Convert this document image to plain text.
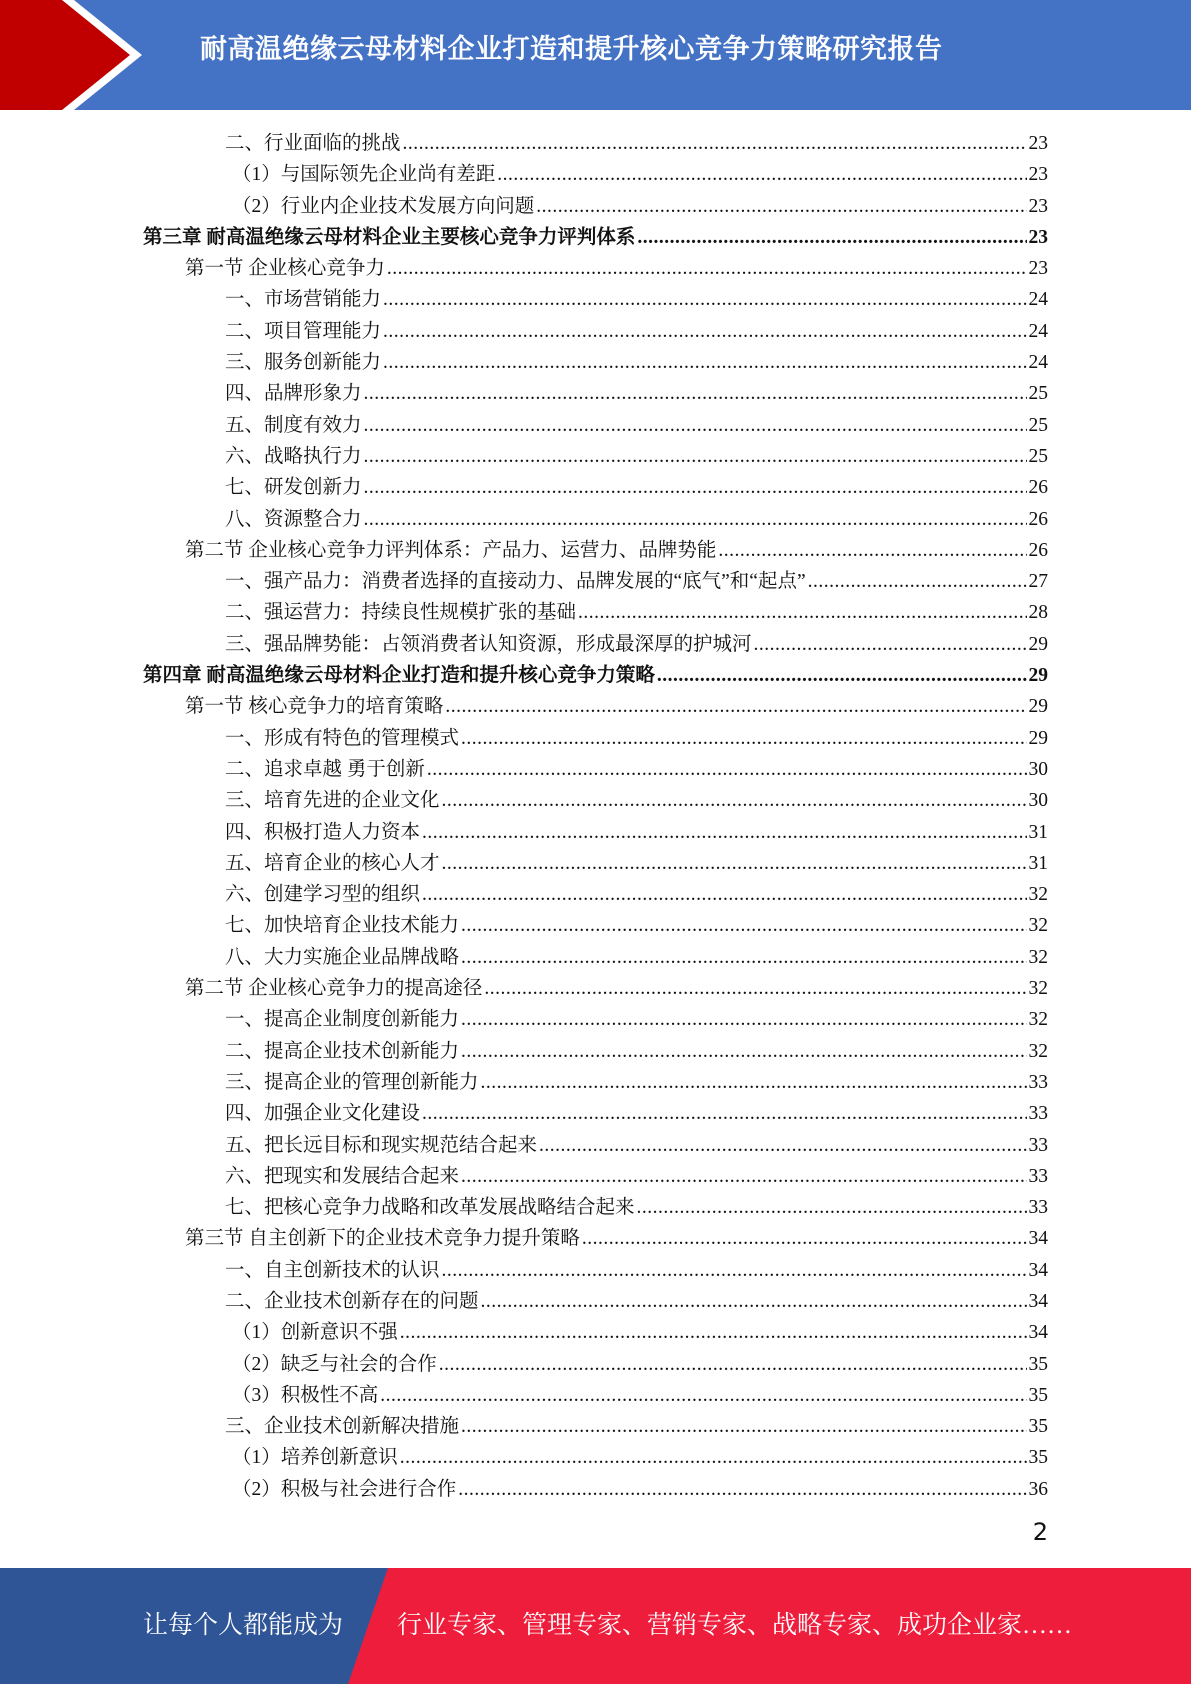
耐高温绝缘云母材料企业打造和提升核心竞争力策略研究报告
二、行业面临的挑战 .....	23
（1）与国际领先企业尚有差距 .....	23
（2）行业内企业技术发展方向问题 .....	23
第三章 耐高温绝缘云母材料企业主要核心竞争力评判体系 .....	23
第一节 企业核心竞争力 .....	23
一、市场营销能力 .....	24
二、项目管理能力 .....	24
三、服务创新能力 .....	24
四、品牌形象力 .....	25
五、制度有效力 .....	25
六、战略执行力 .....	25
七、研发创新力 .....	26
八、资源整合力 .....	26
第二节 企业核心竞争力评判体系：产品力、运营力、品牌势能 .....	26
一、强产品力：消费者选择的直接动力、品牌发展的“底气”和“起点” .....	27
二、强运营力：持续良性规模扩张的基础 .....	28
三、强品牌势能：占领消费者认知资源，形成最深厚的护城河 .....	29
第四章 耐高温绝缘云母材料企业打造和提升核心竞争力策略 .....	29
第一节 核心竞争力的培育策略 .....	29
一、形成有特色的管理模式 .....	29
二、追求卓越 勇于创新 .....	30
三、培育先进的企业文化 .....	30
四、积极打造人力资本 .....	31
五、培育企业的核心人才 .....	31
六、创建学习型的组织 .....	32
七、加快培育企业技术能力 .....	32
八、大力实施企业品牌战略 .....	32
第二节 企业核心竞争力的提高途径 .....	32
一、提高企业制度创新能力 .....	32
二、提高企业技术创新能力 .....	32
三、提高企业的管理创新能力 .....	33
四、加强企业文化建设 .....	33
五、把长远目标和现实规范结合起来 .....	33
六、把现实和发展结合起来 .....	33
七、把核心竞争力战略和改革发展战略结合起来 .....	33
第三节 自主创新下的企业技术竞争力提升策略 .....	34
一、自主创新技术的认识 .....	34
二、企业技术创新存在的问题 .....	34
（1）创新意识不强 .....	34
（2）缺乏与社会的合作 .....	35
（3）积极性不高 .....	35
三、企业技术创新解决措施 .....	35
（1）培养创新意识 .....	35
（2）积极与社会进行合作 .....	36
2
让每个人都能成为 行业专家、管理专家、营销专家、战略专家、成功企业家……
